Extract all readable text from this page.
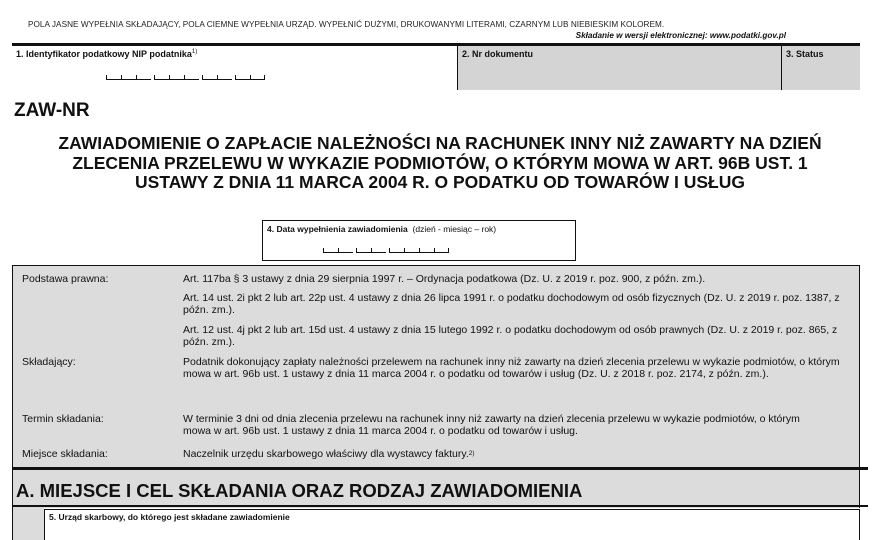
POLA JASNE WYPEŁNIA SKŁADAJĄCY, POLA CIEMNE WYPEŁNIA URZĄD. WYPEŁNIĆ DUŻYMI, DRUKOWANYMI LITERAMI, CZARNYM LUB NIEBIESKIM KOLOREM.
Składanie w wersji elektronicznej: www.podatki.gov.pl
1. Identyfikator podatkowy NIP podatnika$^{1)}$	2. Nr dokumentu	3. Status
ZAW-NR
ZAWIADOMIENIE O ZAPŁACIE NALEŻNOŚCI NA RACHUNEK INNY NIŻ ZAWARTY NA DZIEŃ ZLECENIA PRZELEWU W WYKAZIE PODMIOTÓW, O KTÓRYM MOWA W ART. 96B UST. 1 USTAWY Z DNIA 11 MARCA 2004 R. O PODATKU OD TOWARÓW I USŁUG
4. Data wypełnienia zawiadomienia (dzień - miesiąc – rok)
Podstawa prawna:	Art. 117ba § 3 ustawy z dnia 29 sierpnia 1997 r. – Ordynacja podatkowa (Dz. U. z 2019 r. poz. 900, z późn. zm.).
Art. 14 ust. 2i pkt 2 lub art. 22p ust. 4 ustawy z dnia 26 lipca 1991 r. o podatku dochodowym od osób fizycznych (Dz. U. z 2019 r. poz. 1387, z późn. zm.).
Art. 12 ust. 4j pkt 2 lub art. 15d ust. 4 ustawy z dnia 15 lutego 1992 r. o podatku dochodowym od osób prawnych (Dz. U. z 2019 r. poz. 865, z późn. zm.).
Składający:	Podatnik dokonujący zapłaty należności przelewem na rachunek inny niż zawarty na dzień zlecenia przelewu w wykazie podmiotów, o którym mowa w art. 96b ust. 1 ustawy z dnia 11 marca 2004 r. o podatku od towarów i usług (Dz. U. z 2018 r. poz. 2174, z późn. zm.).
Termin składania:	W terminie 3 dni od dnia zlecenia przelewu na rachunek inny niż zawarty na dzień zlecenia przelewu w wykazie podmiotów, o którym mowa w art. 96b ust. 1 ustawy z dnia 11 marca 2004 r. o podatku od towarów i usług.
Miejsce składania:	Naczelnik urzędu skarbowego właściwy dla wystawcy faktury.$^{2)}$
A. MIEJSCE I CEL SKŁADANIA ORAZ RODZAJ ZAWIADOMIENIA
5. Urząd skarbowy, do którego jest składane zawiadomienie
